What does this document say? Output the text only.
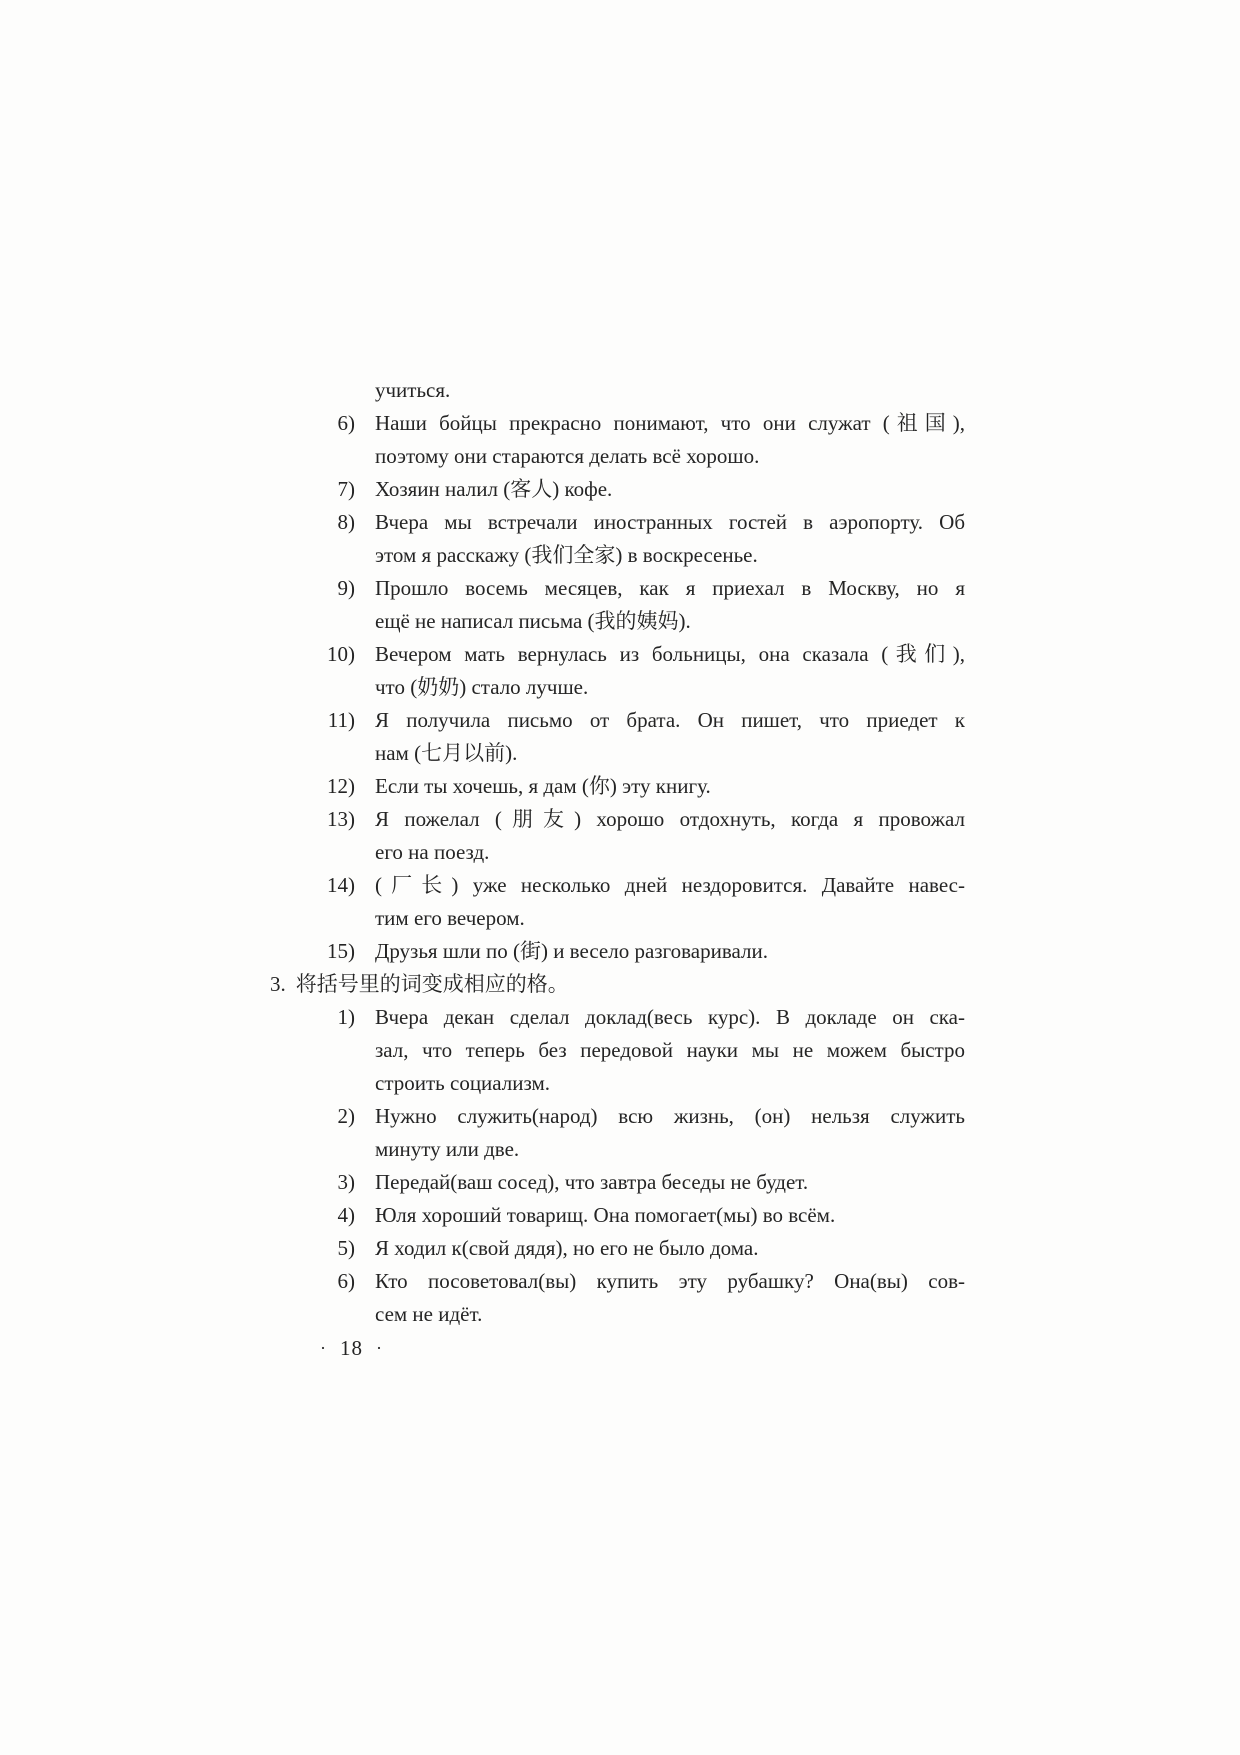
учиться.
6) Наши бойцы прекрасно понимают, что они служат (祖国),
поэтому они стараются делать всё хорошо.
7) Хозяин налил (客人) кофе.
8) Вчера мы встречали иностранных гостей в аэропорту. Об
этом я расскажу (我们全家) в воскресенье.
9) Прошло восемь месяцев, как я приехал в Москву, но я
ещё не написал письма (我的姨妈).
10) Вечером мать вернулась из больницы, она сказала (我们),
что (奶奶) стало лучше.
11) Я получила письмо от брата. Он пишет, что приедет к
нам (七月以前).
12) Если ты хочешь, я дам (你) эту книгу.
13) Я пожелал (朋友) хорошо отдохнуть, когда я провожал
его на поезд.
14) (厂长) уже несколько дней нездоровится. Давайте навес-
тим его вечером.
15) Друзья шли по (街) и весело разговаривали.
3. 将括号里的词变成相应的格。
1) Вчера декан сделал доклад(весь курс). В докладе он ска-
зал, что теперь без передовой науки мы не можем быстро
строить социализм.
2) Нужно служить(народ) всю жизнь, (он) нельзя служить
минуту или две.
3) Передай(ваш сосед), что завтра беседы не будет.
4) Юля хороший товарищ. Она помогает(мы) во всём.
5) Я ходил к(свой дядя), но его не было дома.
6) Кто посоветовал(вы) купить эту рубашку? Она(вы) сов-
сем не идёт.
· 18 ·
